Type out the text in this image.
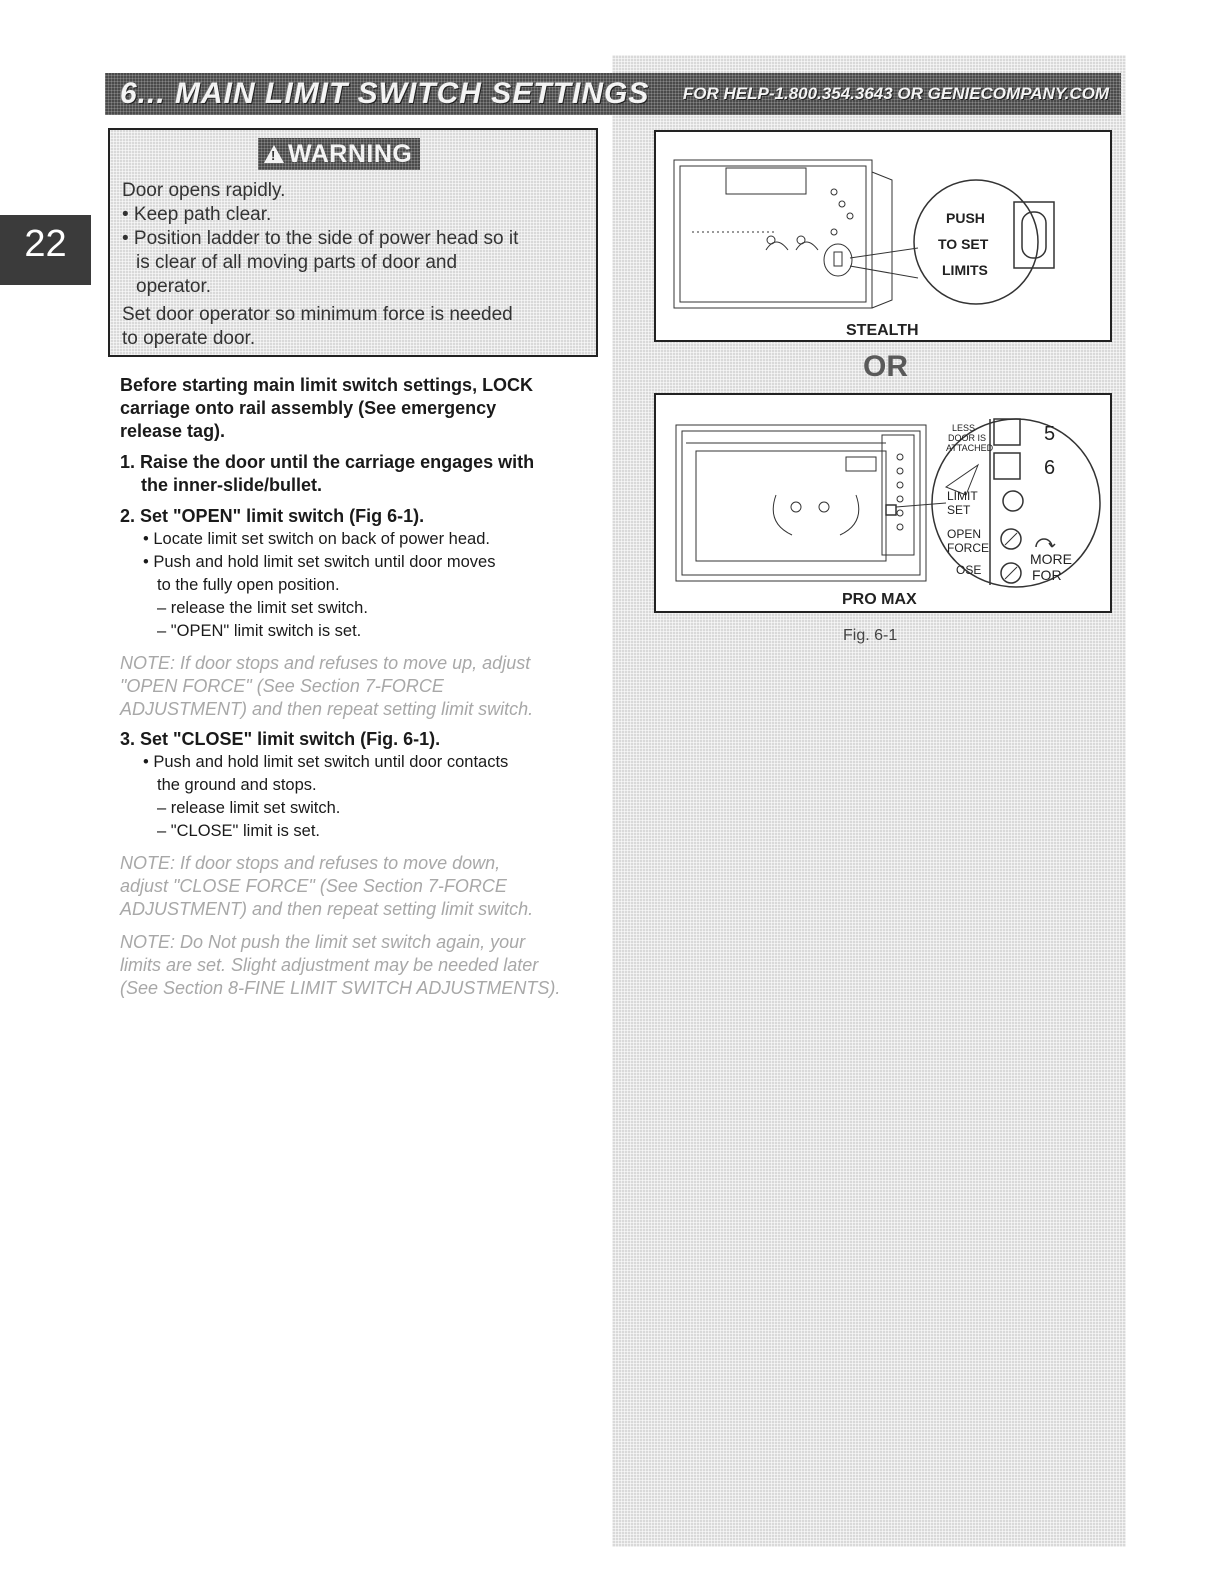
6... MAIN LIMIT SWITCH SETTINGS FOR HELP-1.800.354.3643 OR GENIECOMPANY.COM
22
!
WARNING
Door opens rapidly.
• Keep path clear.
• Position ladder to the side of power head so it
is clear of all moving parts of door and
operator.
Set door operator so minimum force is needed
to operate door.
Before starting main limit switch settings, LOCK
carriage onto rail assembly (See emergency
release tag).
1. Raise the door until the carriage engages with
the inner-slide/bullet.
2. Set "OPEN" limit switch (Fig 6-1).
• Locate limit set switch on back of power head.
• Push and hold limit set switch until door moves
to the fully open position.
– release the limit set switch.
– "OPEN" limit switch is set.
NOTE: If door stops and refuses to move up, adjust
"OPEN FORCE" (See Section 7-FORCE
ADJUSTMENT) and then repeat setting limit switch.
3. Set "CLOSE" limit switch (Fig. 6-1).
• Push and hold limit set switch until door contacts
the ground and stops.
– release limit set switch.
– "CLOSE" limit is set.
NOTE: If door stops and refuses to move down,
adjust "CLOSE FORCE" (See Section 7-FORCE
ADJUSTMENT) and then repeat setting limit switch.
NOTE: Do Not push the limit set switch again, your
limits are set. Slight adjustment may be needed later
(See Section 8-FINE LIMIT SWITCH ADJUSTMENTS).
PUSH
TO SET
LIMITS
STEALTH
OR
5
6
LESS
DOOR IS
ATTACHED
LIMIT
SET
OPEN
FORCE
OSE
MORE
FOR
PRO MAX
Fig. 6-1
